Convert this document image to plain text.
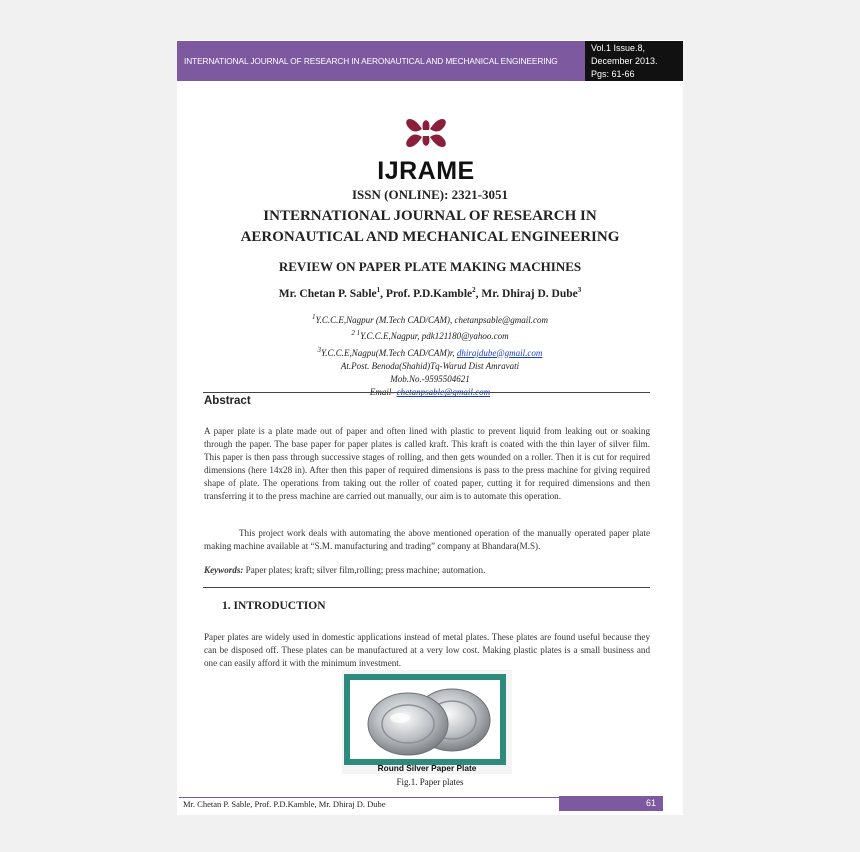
INTERNATIONAL JOURNAL OF RESEARCH IN AERONAUTICAL AND MECHANICAL ENGINEERING
Vol.1 Issue.8,
December 2013.
Pgs: 61-66
IJRAME
ISSN (ONLINE): 2321-3051
INTERNATIONAL JOURNAL OF RESEARCH IN
AERONAUTICAL AND MECHANICAL ENGINEERING
REVIEW ON PAPER PLATE MAKING MACHINES
Mr. Chetan P. Sable$^1$, Prof. P.D.Kamble$^2$, Mr. Dhiraj D. Dube$^3$
$^1$Y.C.C.E,Nagpur (M.Tech CAD/CAM), chetanpsable@gmail.com
$^{2 1}$Y.C.C.E,Nagpur, pdk121180@yahoo.com
$^3$Y.C.C.E,Nagpu(M.Tech CAD/CAM)r, dhirajdube@gmail.com
At.Post. Benoda(Shahid)Tq-Warud Dist Amravati
Mob.No.-9595504621
Email- chetanpsable@gmail.com
Abstract
A paper plate is a plate made out of paper and often lined with plastic to prevent liquid from leaking out or soaking through the paper. The base paper for paper plates is called kraft. This kraft is coated with the thin layer of silver film. This paper is then pass through successive stages of rolling, and then gets wounded on a roller. Then it is cut for required dimensions (here 14x28 in). After then this paper of required dimensions is pass to the press machine for giving required shape of plate. The operations from taking out the roller of coated paper, cutting it for required dimensions and then transferring it to the press machine are carried out manually, our aim is to automate this operation.
This project work deals with automating the above mentioned operation of the manually operated paper plate making machine available at “S.M. manufacturing and trading” company at Bhandara(M.S).
Keywords: Paper plates; kraft; silver film,rolling; press machine; automation.
1. INTRODUCTION
Paper plates are widely used in domestic applications instead of metal plates. These plates are found useful because they can be disposed off. These plates can be manufactured at a very low cost. Making plastic plates is a small business and one can easily afford it with the minimum investment.
Round Silver Paper Plate
Fig.1. Paper plates
Mr. Chetan P. Sable, Prof. P.D.Kamble, Mr. Dhiraj D. Dube	61
